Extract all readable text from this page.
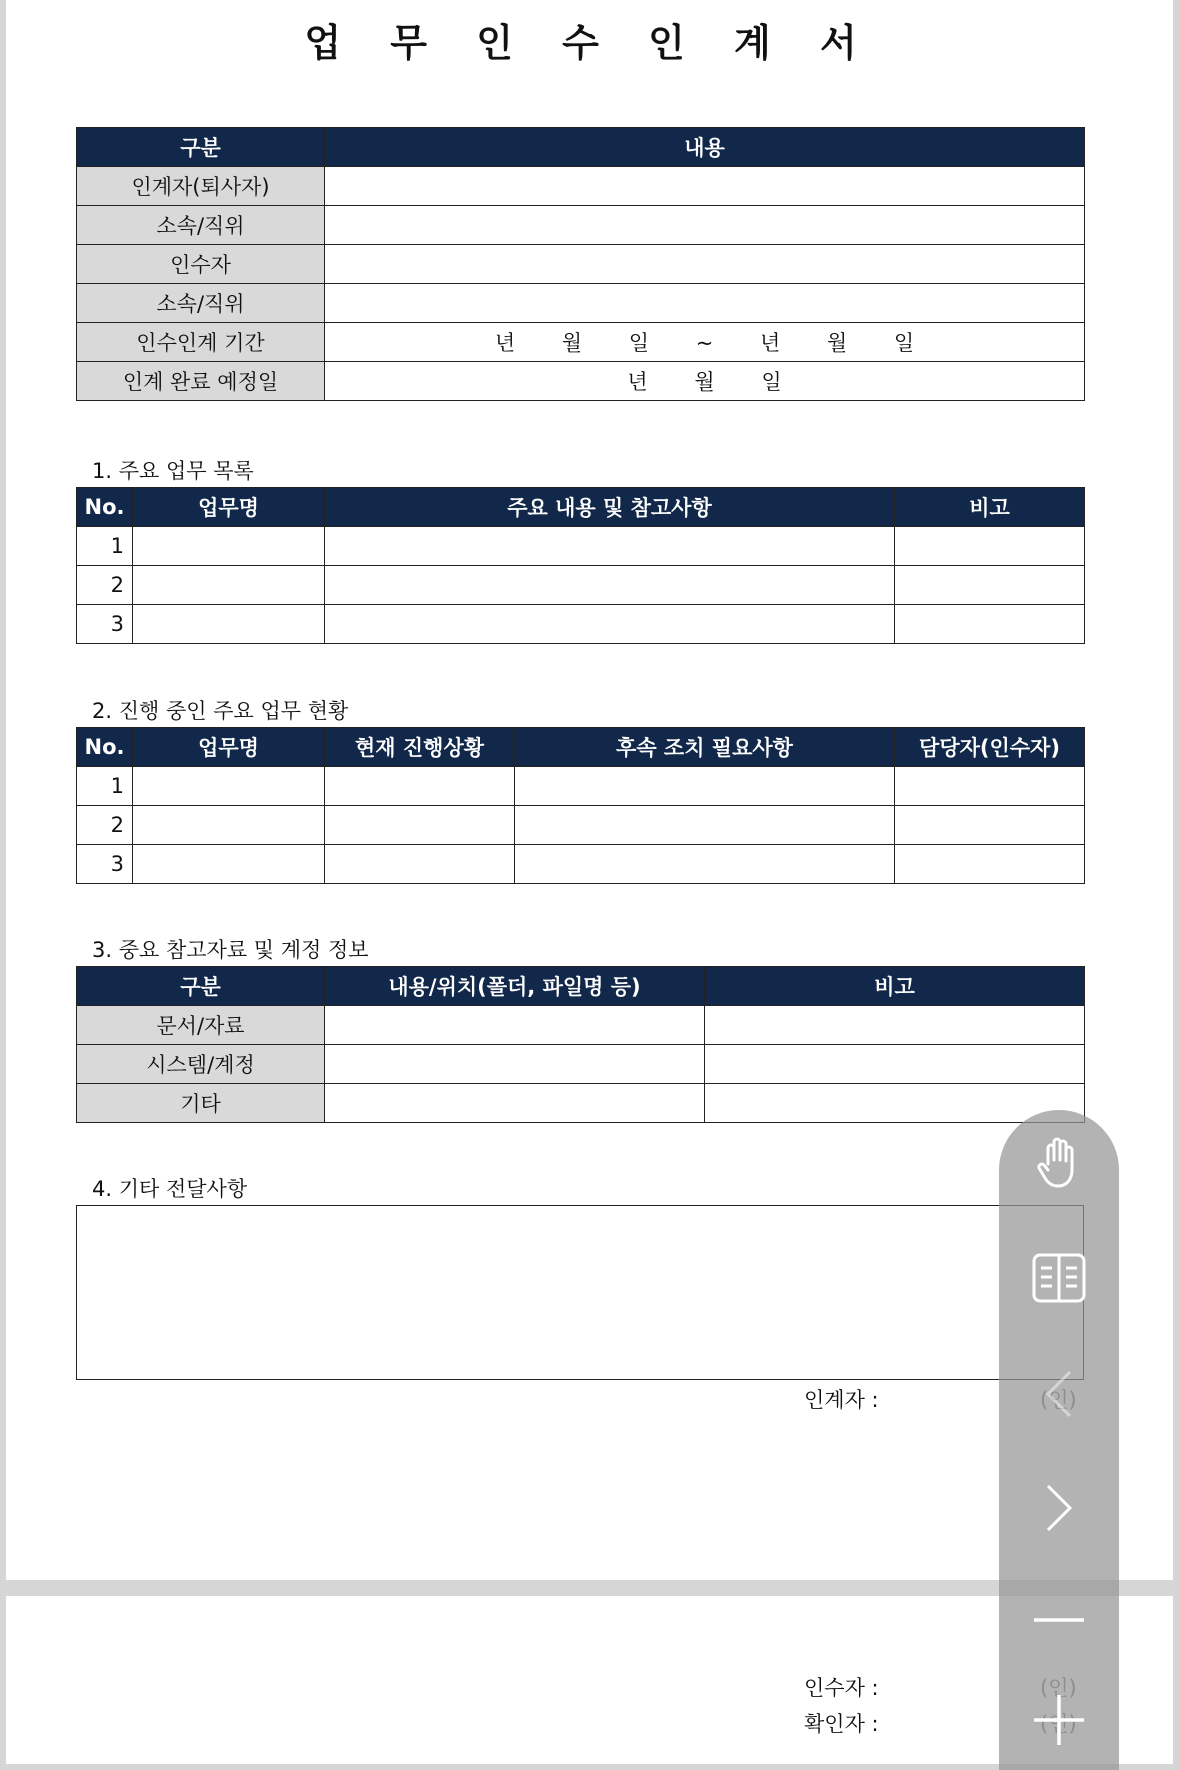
업 무 인 수 인 계 서
구분	내용
인계자(퇴사자)	
소속/직위	
인수자	
소속/직위	
인수인계 기간	년 월 일 ~ 년 월 일
인계 완료 예정일	년 월 일
1. 주요 업무 목록
No.	업무명	주요 내용 및 참고사항	비고
1			
2			
3			
2. 진행 중인 주요 업무 현황
No.	업무명	현재 진행상황	후속 조치 필요사항	담당자(인수자)
1				
2				
3				
3. 중요 참고자료 및 계정 정보
구분	내용/위치(폴더, 파일명 등)	비고
문서/자료		
시스템/계정		
기타		
4. 기타 전달사항
인계자 :
인수자 :
확인자 :
